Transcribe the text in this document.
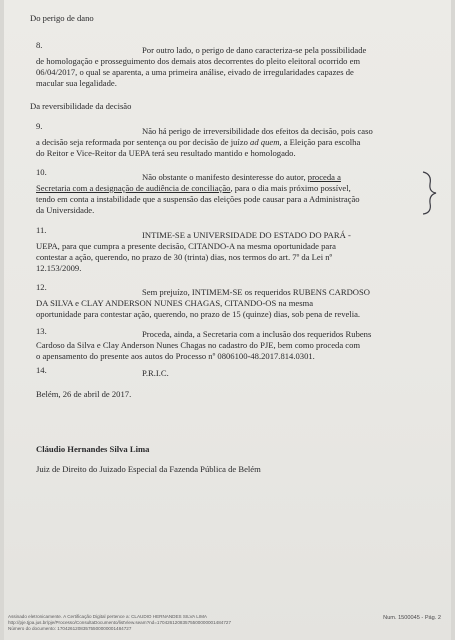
Do perigo de dano
8.	Por outro lado, o perigo de dano caracteriza-se pela possibilidade
de homologação e prosseguimento dos demais atos decorrentes do pleito eleitoral ocorrido em
06/04/2017, o qual se aparenta, a uma primeira análise, eivado de irregularidades capazes de
macular sua legalidade.
Da reversibilidade da decisão
9.	Não há perigo de irreversibilidade dos efeitos da decisão, pois caso
a decisão seja reformada por sentença ou por decisão de juízo ad quem, a Eleição para escolha
do Reitor e Vice-Reitor da UEPA terá seu resultado mantido e homologado.
10.	Não obstante o manifesto desinteresse do autor, proceda a
Secretaria com a designação de audiência de conciliação, para o dia mais próximo possível,
tendo em conta a instabilidade que a suspensão das eleições pode causar para a Administração
da Universidade.
11.	INTIME-SE a UNIVERSIDADE DO ESTADO DO PARÁ -
UEPA, para que cumpra a presente decisão, CITANDO-A na mesma oportunidade para
contestar a ação, querendo, no prazo de 30 (trinta) dias, nos termos do art. 7º da Lei nº
12.153/2009.
12.	Sem prejuízo, INTIMEM-SE os requeridos RUBENS CARDOSO
DA SILVA e CLAY ANDERSON NUNES CHAGAS, CITANDO-OS na mesma
oportunidade para contestar ação, querendo, no prazo de 15 (quinze) dias, sob pena de revelia.
13.	Proceda, ainda, a Secretaria com a inclusão dos requeridos Rubens
Cardoso da Silva e Clay Anderson Nunes Chagas no cadastro do PJE, bem como proceda com
o apensamento do presente aos autos do Processo nº 0806100-48.2017.814.0301.
14.	P.R.I.C.
Belém, 26 de abril de 2017.
Cláudio Hernandes Silva Lima
Juiz de Direito do Juizado Especial da Fazenda Pública de Belém
Assinado eletronicamente. A Certificação Digital pertence a: CLAUDIO HERNANDES SILVA LIMA
http://pje.tjpa.jus.br/pje/Processo/ConsultaDocumento/listView.seam?nd=17042612083575500000001484727
Número do documento: 17042612083575500000001484727
Num. 1500045 - Pág. 2
